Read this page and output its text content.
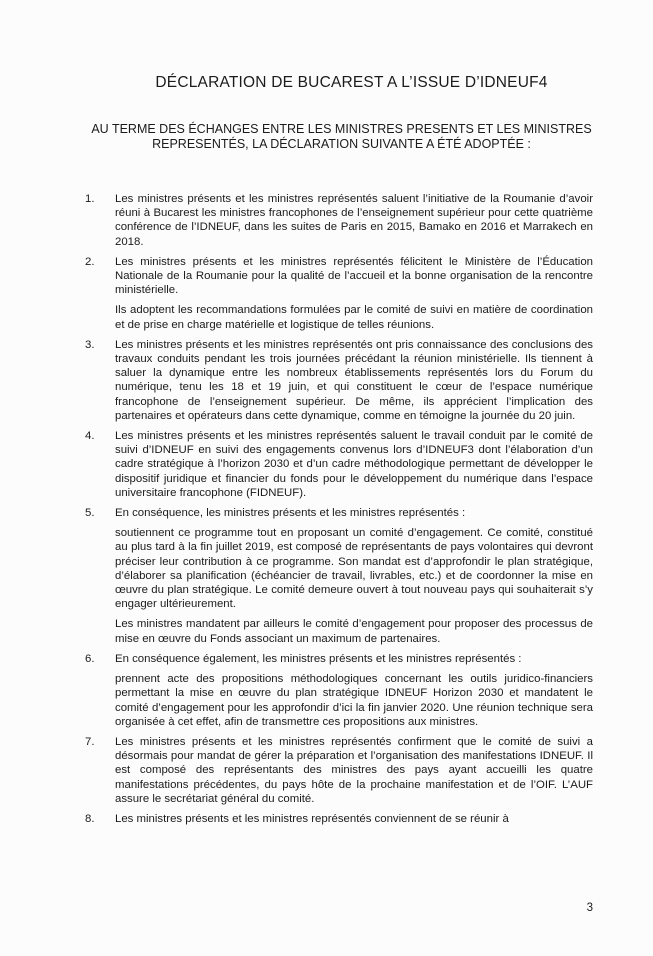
DÉCLARATION DE BUCAREST A L’ISSUE D’IDNEUF4
AU TERME DES ÉCHANGES ENTRE LES MINISTRES PRESENTS ET LES MINISTRES
REPRESENTÉS, LA DÉCLARATION SUIVANTE A ÉTÉ ADOPTÉE :
1. Les ministres présents et les ministres représentés saluent l’initiative de la Roumanie d’avoir réuni à Bucarest les ministres francophones de l’enseignement supérieur pour cette quatrième conférence de l’IDNEUF, dans les suites de Paris en 2015, Bamako en 2016 et Marrakech en 2018.

2. Les ministres présents et les ministres représentés félicitent le Ministère de l’Éducation Nationale de la Roumanie pour la qualité de l’accueil et la bonne organisation de la rencontre ministérielle.

Ils adoptent les recommandations formulées par le comité de suivi en matière de coordination et de prise en charge matérielle et logistique de telles réunions.

3. Les ministres présents et les ministres représentés ont pris connaissance des conclusions des travaux conduits pendant les trois journées précédant la réunion ministérielle. Ils tiennent à saluer la dynamique entre les nombreux établissements représentés lors du Forum du numérique, tenu les 18 et 19 juin, et qui constituent le cœur de l’espace numérique francophone de l’enseignement supérieur. De même, ils apprécient l’implication des partenaires et opérateurs dans cette dynamique, comme en témoigne la journée du 20 juin.

4. Les ministres présents et les ministres représentés saluent le travail conduit par le comité de suivi d’IDNEUF en suivi des engagements convenus lors d’IDNEUF3 dont l’élaboration d’un cadre stratégique à l’horizon 2030 et d’un cadre méthodologique permettant de développer le dispositif juridique et financier du fonds pour le développement du numérique dans l’espace universitaire francophone (FIDNEUF).

5. En conséquence, les ministres présents et les ministres représentés :

soutiennent ce programme tout en proposant un comité d’engagement. Ce comité, constitué au plus tard à la fin juillet 2019, est composé de représentants de pays volontaires qui devront préciser leur contribution à ce programme. Son mandat est d’approfondir le plan stratégique, d’élaborer sa planification (échéancier de travail, livrables, etc.) et de coordonner la mise en œuvre du plan stratégique. Le comité demeure ouvert à tout nouveau pays qui souhaiterait s’y engager ultérieurement.

Les ministres mandatent par ailleurs le comité d’engagement pour proposer des processus de mise en œuvre du Fonds associant un maximum de partenaires.

6. En conséquence également, les ministres présents et les ministres représentés :

prennent acte des propositions méthodologiques concernant les outils juridico-financiers permettant la mise en œuvre du plan stratégique IDNEUF Horizon 2030 et mandatent le comité d’engagement pour les approfondir d’ici la fin janvier 2020. Une réunion technique sera organisée à cet effet, afin de transmettre ces propositions aux ministres.

7. Les ministres présents et les ministres représentés confirment que le comité de suivi a désormais pour mandat de gérer la préparation et l’organisation des manifestations IDNEUF. Il est composé des représentants des ministres des pays ayant accueilli les quatre manifestations précédentes, du pays hôte de la prochaine manifestation et de l’OIF. L’AUF assure le secrétariat général du comité.

8. Les ministres présents et les ministres représentés conviennent de se réunir à

3
